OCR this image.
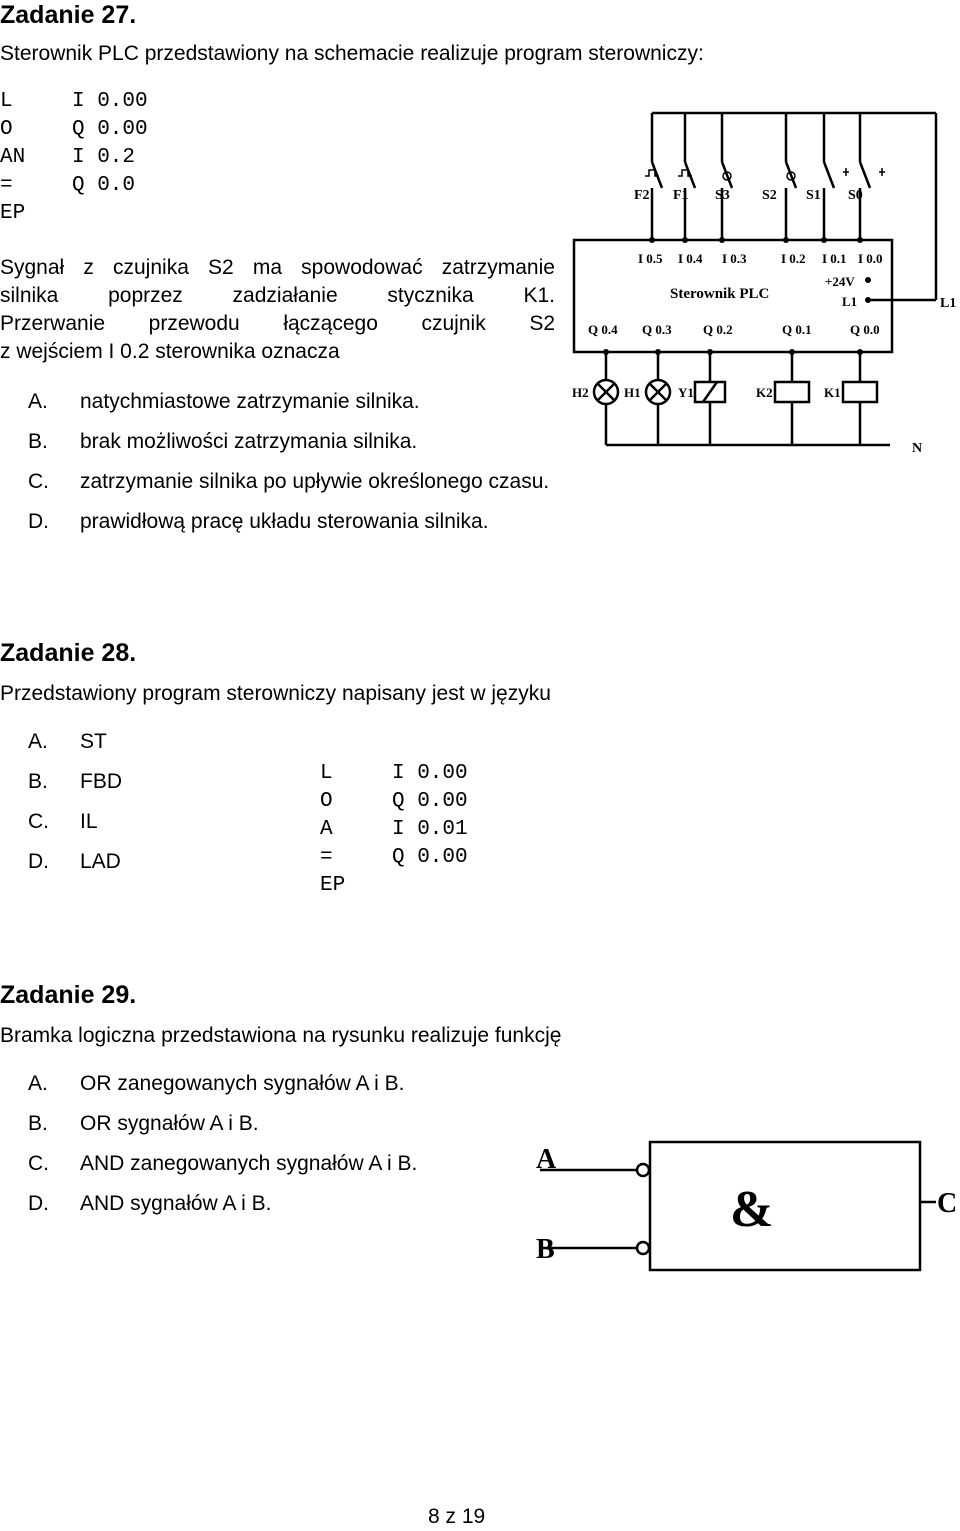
Zadanie 27.
Sterownik PLC przedstawiony na schemacie realizuje program sterowniczy:
L	I 0.00
O	Q 0.00
AN I 0.2
=	Q 0.0
EP
Sygnał z czujnika S2 ma spowodować zatrzymanie
silnika poprzez zadziałanie stycznika K1.
Przerwanie przewodu łączącego czujnik S2
z wejściem I 0.2 sterownika oznacza
A. natychmiastowe zatrzymanie silnika.
B. brak możliwości zatrzymania silnika.
C. zatrzymanie silnika po upływie określonego czasu.
D. prawidłową pracę układu sterowania silnika.
F2 F1 S3 S2 S1 S0
I 0.5 I 0.4 I 0.3	I 0.2 I 0.1 I 0.0
Sterownik PLC
+24V
L1	L1
Q 0.4 Q 0.3 Q 0.2	Q 0.1	Q 0.0
H2	H1	Y1	K2	K1
N
Zadanie 28.
Przedstawiony program sterowniczy napisany jest w języku
A. ST
B. FBD
C. IL
D. LAD
L	I 0.00
O	Q 0.00
A	I 0.01
=	Q 0.00
EP
Zadanie 29.
Bramka logiczna przedstawiona na rysunku realizuje funkcję
A. OR zanegowanych sygnałów A i B.
B. OR sygnałów A i B.
C. AND zanegowanych sygnałów A i B.
D. AND sygnałów A i B.
A
B
&	C
8 z 19
